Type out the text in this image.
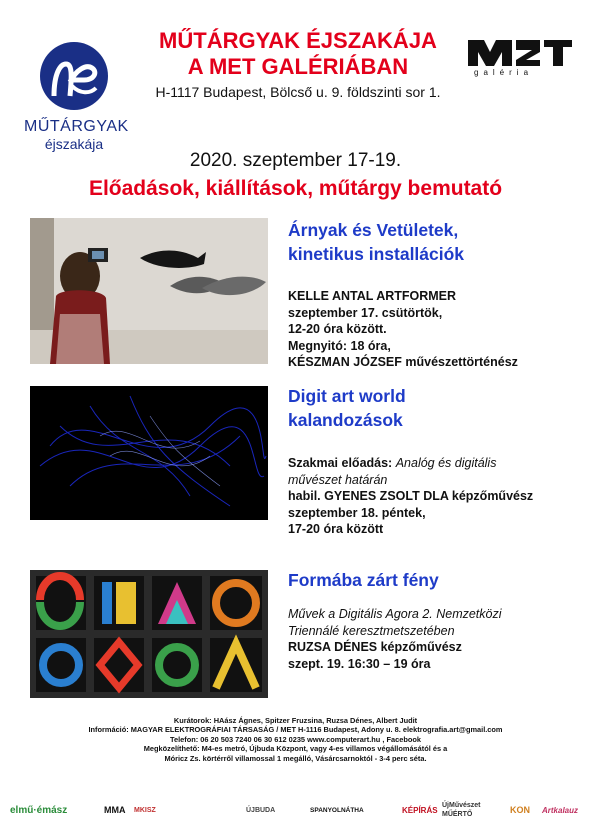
MŰTÁRGYAK
éjszakája
MŰTÁRGYAK ÉJSZAKÁJA
A MET GALÉRIÁBAN
H-1117 Budapest, Bölcső u. 9. földszinti sor 1.
galéria
2020. szeptember 17-19.
Előadások, kiállítások, műtárgy bemutató
Árnyak és Vetületek,
kinetikus installációk
KELLE ANTAL ARTFORMER
szeptember 17. csütörtök,
12-20 óra között.
Megnyitó: 18 óra,
KÉSZMAN JÓZSEF művészettörténész
Digit art world
kalandozások
Szakmai előadás: Analóg és digitális
művészet határán
habil. GYENES ZSOLT DLA képzőművész
szeptember 18. péntek,
17-20 óra között
Formába zárt fény
Művek a Digitális Agora 2. Nemzetközi
Triennálé keresztmetszetében
RUZSA DÉNES képzőművész
szept. 19. 16:30 – 19 óra
Kurátorok: HAász Ágnes, Spitzer Fruzsina, Ruzsa Dénes, Albert Judit
Információ: MAGYAR ELEKTROGRÁFIAI TÁRSASÁG / MET H-1116 Budapest, Adony u. 8. elektrografia.art@gmail.com
Telefon: 06 20 503 7240 06 30 612 0235 www.computerart.hu , Facebook
Megközelíthető: M4-es metró, Újbuda Központ, vagy 4-es villamos végállomásától és a
Móricz Zs. körtérről villamossal 1 megálló, Vásárcsarnoktól - 3-4 perc séta.
elmű·émász	MMA MKISZ	ÚJBUDA	SPANYOLNÁTHA	KÉPÍRÁS ÚjMűvészet MŰÉRTŐ	KON Artkalauz
